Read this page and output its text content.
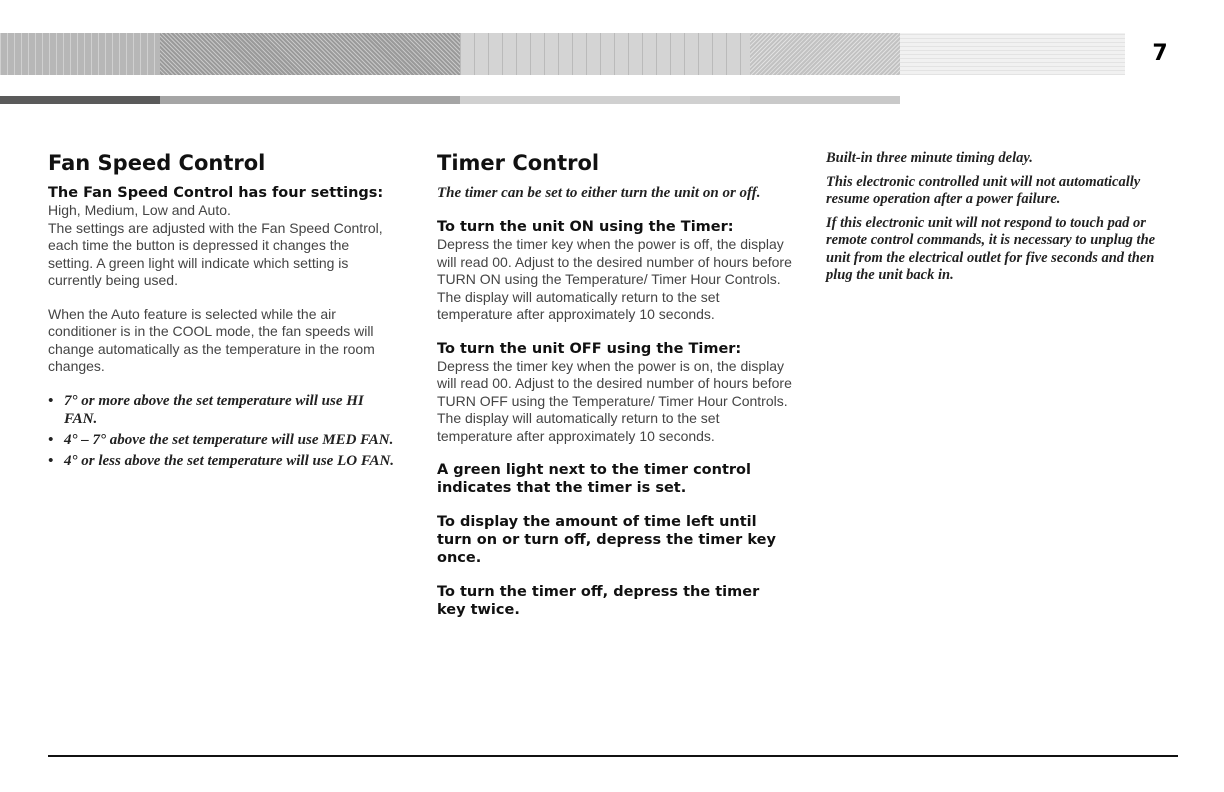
7
Fan Speed Control

The Fan Speed Control has four settings: High, Medium, Low and Auto.

The settings are adjusted with the Fan Speed Control, each time the button is depressed it changes the setting. A green light will indicate which setting is currently being used.

When the Auto feature is selected while the air conditioner is in the COOL mode, the fan speeds will change automatically as the temperature in the room changes.

• 7° or more above the set temperature will use HI FAN.
• 4° – 7° above the set temperature will use MED FAN.
• 4° or less above the set temperature will use LO FAN.
Timer Control

The timer can be set to either turn the unit on or off.

To turn the unit ON using the Timer:

Depress the timer key when the power is off, the display will read 00. Adjust to the desired number of hours before TURN ON using the Temperature/ Timer Hour Controls. The display will automatically return to the set temperature after approximately 10 seconds.

To turn the unit OFF using the Timer:

Depress the timer key when the power is on, the display will read 00. Adjust to the desired number of hours before TURN OFF using the Temperature/ Timer Hour Controls. The display will automatically return to the set temperature after approximately 10 seconds.

A green light next to the timer control indicates that the timer is set.

To display the amount of time left until turn on or turn off, depress the timer key once.

To turn the timer off, depress the timer key twice.

Built-in three minute timing delay.

This electronic controlled unit will not automatically resume operation after a power failure.

If this electronic unit will not respond to touch pad or remote control commands, it is necessary to unplug the unit from the electrical outlet for five seconds and then plug the unit back in.
